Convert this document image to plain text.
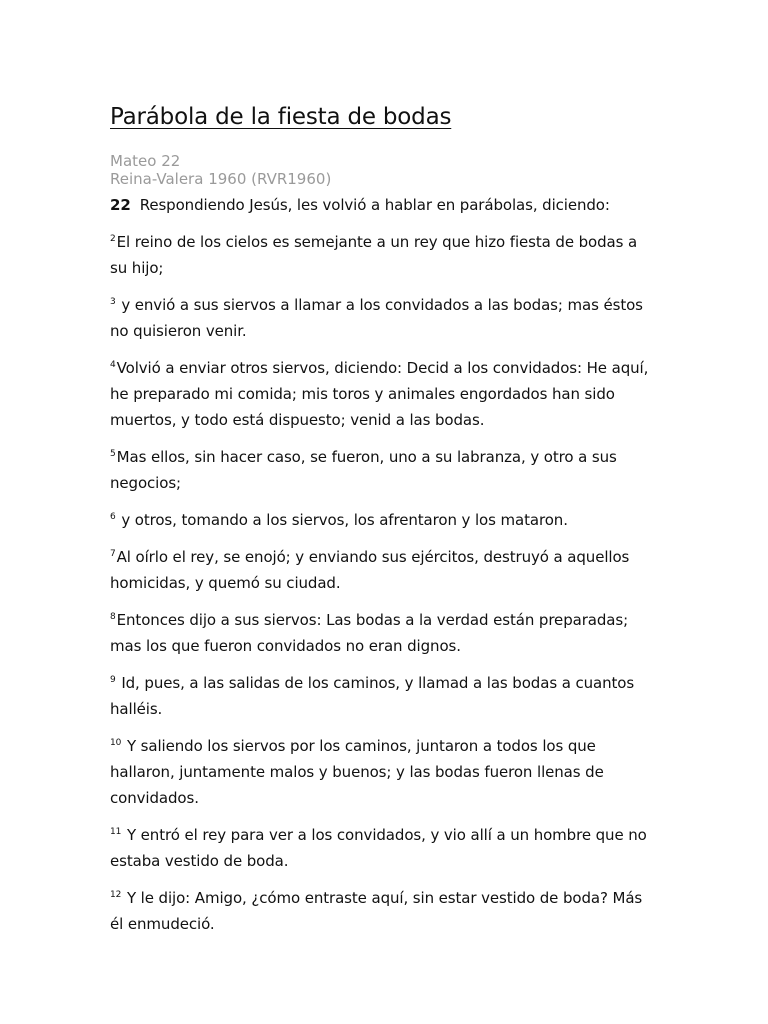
Parábola de la fiesta de bodas
Mateo 22
Reina-Valera 1960 (RVR1960)

22 Respondiendo Jesús, les volvió a hablar en parábolas, diciendo:

$^2$El reino de los cielos es semejante a un rey que hizo fiesta de bodas a su hijo;

$^3$ y envió a sus siervos a llamar a los convidados a las bodas; mas éstos no quisieron venir.

$^4$Volvió a enviar otros siervos, diciendo: Decid a los convidados: He aquí, he preparado mi comida; mis toros y animales engordados han sido muertos, y todo está dispuesto; venid a las bodas.

$^5$Mas ellos, sin hacer caso, se fueron, uno a su labranza, y otro a sus negocios;

$^6$ y otros, tomando a los siervos, los afrentaron y los mataron.

$^7$Al oírlo el rey, se enojó; y enviando sus ejércitos, destruyó a aquellos homicidas, y quemó su ciudad.

$^8$Entonces dijo a sus siervos: Las bodas a la verdad están preparadas; mas los que fueron convidados no eran dignos.

$^9$ Id, pues, a las salidas de los caminos, y llamad a las bodas a cuantos halléis.

$^{10}$ Y saliendo los siervos por los caminos, juntaron a todos los que hallaron, juntamente malos y buenos; y las bodas fueron llenas de convidados.

$^{11}$ Y entró el rey para ver a los convidados, y vio allí a un hombre que no estaba vestido de boda.

$^{12}$ Y le dijo: Amigo, ¿cómo entraste aquí, sin estar vestido de boda? Más él enmudeció.
